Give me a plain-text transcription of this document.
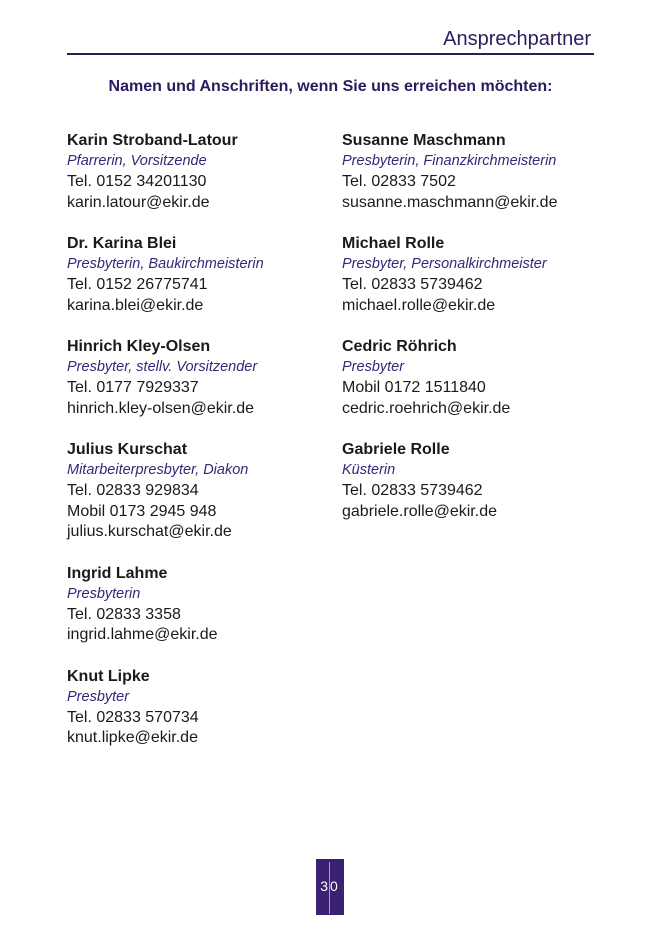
Ansprechpartner
Namen und Anschriften, wenn Sie uns erreichen möchten:
Karin Stroband-Latour
Pfarrerin, Vorsitzende
Tel. 0152 34201130
karin.latour@ekir.de
Dr. Karina Blei
Presbyterin, Baukirchmeisterin
Tel. 0152 26775741
karina.blei@ekir.de
Hinrich Kley-Olsen
Presbyter, stellv. Vorsitzender
Tel. 0177 7929337
hinrich.kley-olsen@ekir.de
Julius Kurschat
Mitarbeiterpresbyter, Diakon
Tel. 02833 929834
Mobil 0173 2945 948
julius.kurschat@ekir.de
Ingrid Lahme
Presbyterin
Tel. 02833 3358
ingrid.lahme@ekir.de
Knut Lipke
Presbyter
Tel. 02833 570734
knut.lipke@ekir.de
Susanne Maschmann
Presbyterin, Finanzkirchmeisterin
Tel. 02833 7502
susanne.maschmann@ekir.de
Michael Rolle
Presbyter, Personalkirchmeister
Tel. 02833 5739462
michael.rolle@ekir.de
Cedric Röhrich
Presbyter
Mobil 0172 1511840
cedric.roehrich@ekir.de
Gabriele Rolle
Küsterin
Tel. 02833 5739462
gabriele.rolle@ekir.de
30
